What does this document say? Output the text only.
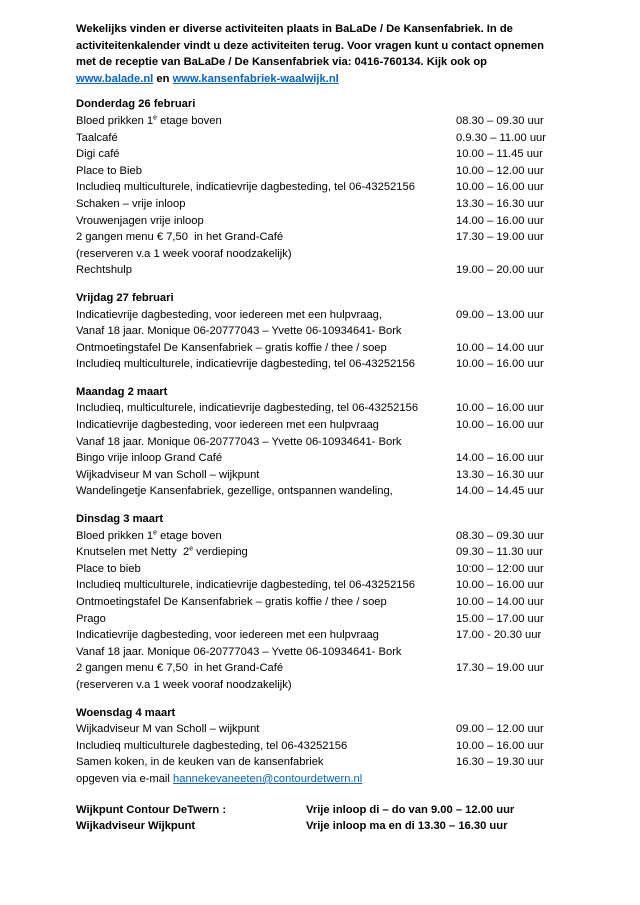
Wekelijks vinden er diverse activiteiten plaats in BaLaDe / De Kansenfabriek. In de activiteitenkalender vindt u deze activiteiten terug. Voor vragen kunt u contact opnemen met de receptie van BaLaDe / De Kansenfabriek via: 0416-760134. Kijk ook op www.balade.nl en www.kansenfabriek-waalwijk.nl

Donderdag 26 februari
Bloed prikken 1e etage boven	08.30 – 09.30 uur
Taalcafé	0.9.30 – 11.00 uur
Digi café	10.00 – 11.45 uur
Place to Bieb	10.00 – 12.00 uur
Includieq multiculturele, indicatievrije dagbesteding, tel 06-43252156	10.00 – 16.00 uur
Schaken – vrije inloop	13.30 – 16.30 uur
Vrouwenjagen vrije inloop	14.00 – 16.00 uur
2 gangen menu € 7,50  in het Grand-Café	17.30 – 19.00 uur
(reserveren v.a 1 week vooraf noodzakelijk)
Rechtshulp	19.00 – 20.00 uur
Vrijdag 27 februari
Indicatievrije dagbesteding, voor iedereen met een hulpvraag,	09.00 – 13.00 uur
Vanaf 18 jaar. Monique 06-20777043 – Yvette 06-10934641- Bork
Ontmoetingstafel De Kansenfabriek – gratis koffie / thee / soep	10.00 – 14.00 uur
Includieq multiculturele, indicatievrije dagbesteding, tel 06-43252156	10.00 – 16.00 uur
Maandag 2 maart
Includieq, multiculturele, indicatievrije dagbesteding, tel 06-43252156	10.00 – 16.00 uur
Indicatievrije dagbesteding, voor iedereen met een hulpvraag	10.00 – 16.00 uur
Vanaf 18 jaar. Monique 06-20777043 – Yvette 06-10934641- Bork
Bingo vrije inloop Grand Café	14.00 – 16.00 uur
Wijkadviseur M van Scholl – wijkpunt	13.30 – 16.30 uur
Wandelingetje Kansenfabriek, gezellige, ontspannen wandeling,	14.00 – 14.45 uur
Dinsdag 3 maart
Bloed prikken 1e etage boven	08.30 – 09.30 uur
Knutselen met Netty  2e verdieping	09.30 – 11.30 uur
Place to bieb	10:00 – 12:00 uur
Includieq multiculturele, indicatievrije dagbesteding, tel 06-43252156	10.00 – 16.00 uur
Ontmoetingstafel De Kansenfabriek – gratis koffie / thee / soep	10.00 – 14.00 uur
Prago	15.00 – 17.00 uur
Indicatievrije dagbesteding, voor iedereen met een hulpvraag	17.00 - 20.30 uur
Vanaf 18 jaar. Monique 06-20777043 – Yvette 06-10934641- Bork
2 gangen menu € 7,50  in het Grand-Café	17.30 – 19.00 uur
(reserveren v.a 1 week vooraf noodzakelijk)
Woensdag 4 maart
Wijkadviseur M van Scholl – wijkpunt	09.00 – 12.00 uur
Includieq multiculturele dagbesteding, tel 06-43252156	10.00 – 16.00 uur
Samen koken, in de keuken van de kansenfabriek	16.30 – 19.30 uur
opgeven via e-mail hannekevaneeten@contourdetwern.nl
Wijkpunt Contour DeTwern :	Vrije inloop di – do van 9.00 – 12.00 uur
Wijkadviseur Wijkpunt	Vrije inloop ma en di 13.30 – 16.30 uur
